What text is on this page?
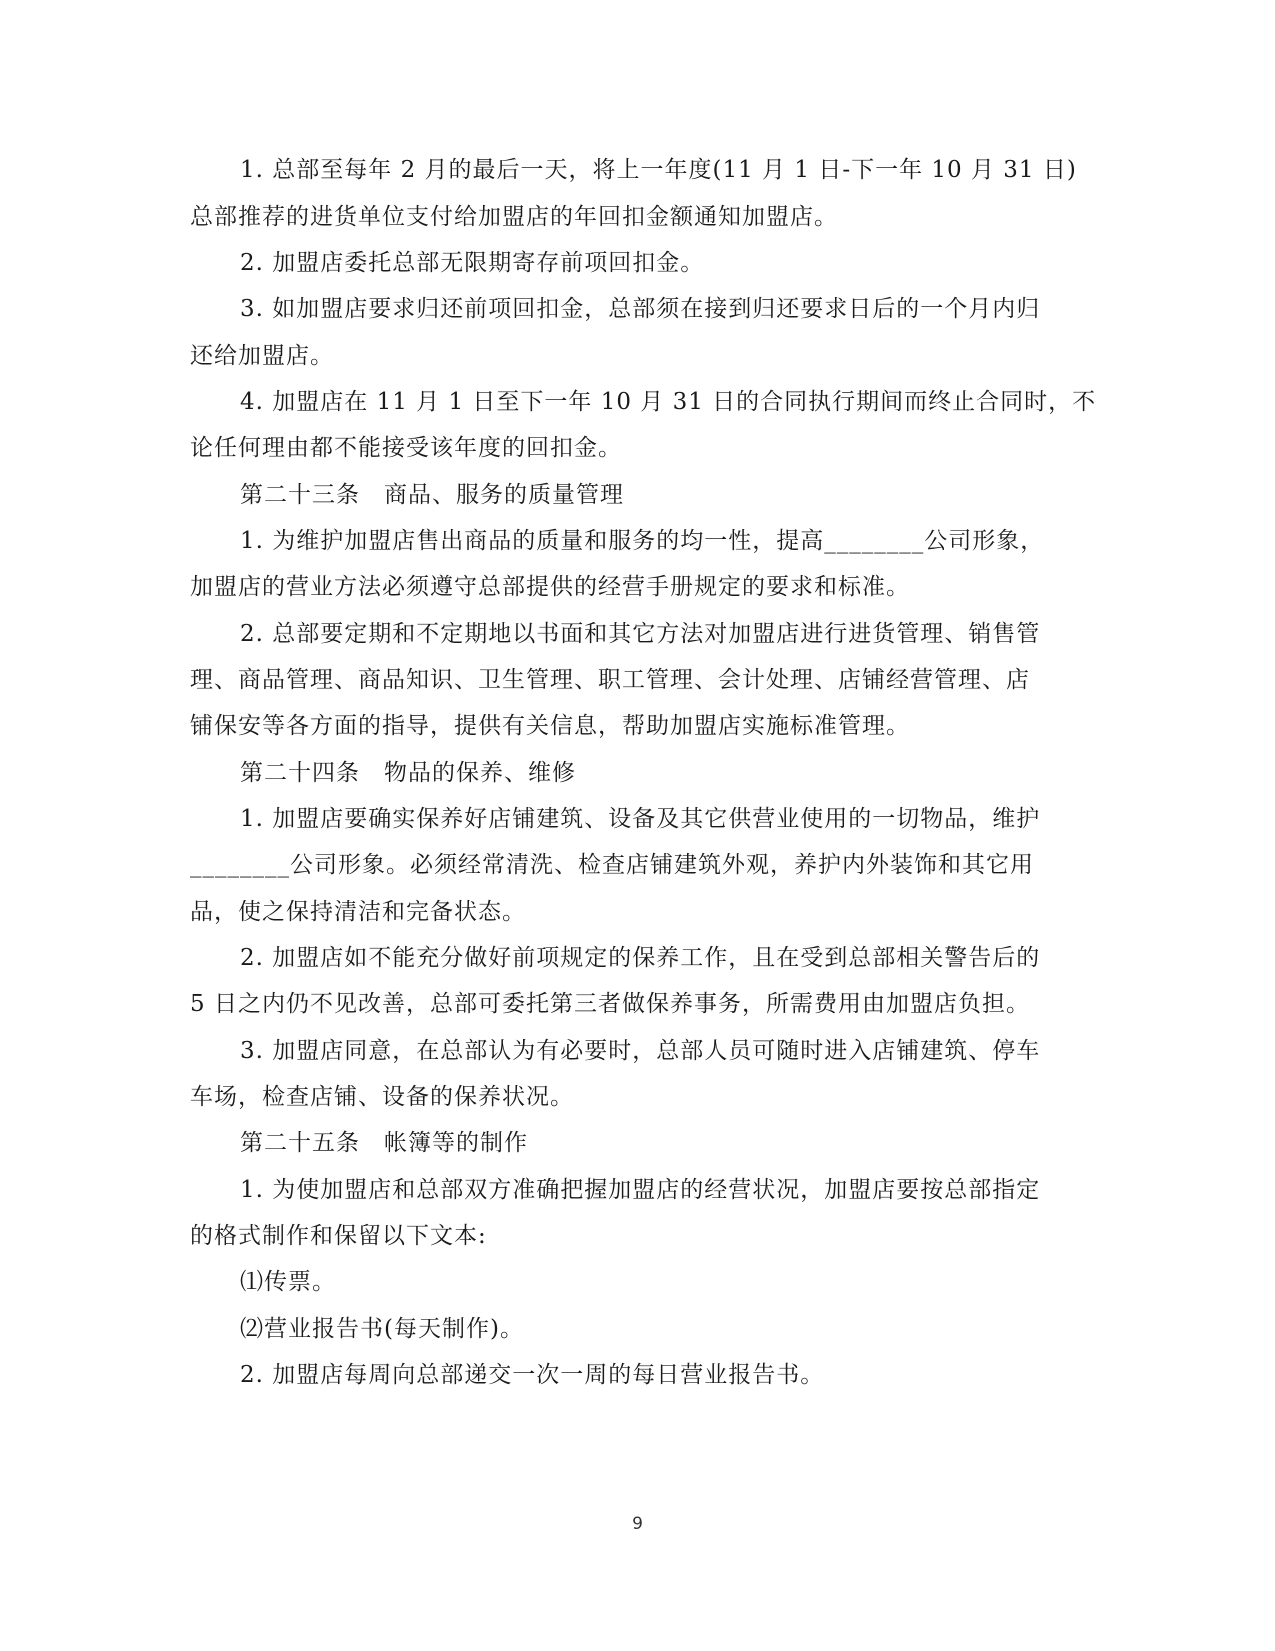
1. 总部至每年 2 月的最后一天，将上一年度(11 月 1 日-下一年 10 月 31 日)
总部推荐的进货单位支付给加盟店的年回扣金额通知加盟店。
2. 加盟店委托总部无限期寄存前项回扣金。
3. 如加盟店要求归还前项回扣金，总部须在接到归还要求日后的一个月内归
还给加盟店。
4. 加盟店在 11 月 1 日至下一年 10 月 31 日的合同执行期间而终止合同时，不
论任何理由都不能接受该年度的回扣金。
第二十三条　商品、服务的质量管理
1. 为维护加盟店售出商品的质量和服务的均一性，提高________公司形象，
加盟店的营业方法必须遵守总部提供的经营手册规定的要求和标准。
2. 总部要定期和不定期地以书面和其它方法对加盟店进行进货管理、销售管
理、商品管理、商品知识、卫生管理、职工管理、会计处理、店铺经营管理、店
铺保安等各方面的指导，提供有关信息，帮助加盟店实施标准管理。
第二十四条　物品的保养、维修
1. 加盟店要确实保养好店铺建筑、设备及其它供营业使用的一切物品，维护
________公司形象。必须经常清洗、检查店铺建筑外观，养护内外装饰和其它用
品，使之保持清洁和完备状态。
2. 加盟店如不能充分做好前项规定的保养工作，且在受到总部相关警告后的
5 日之内仍不见改善，总部可委托第三者做保养事务，所需费用由加盟店负担。
3. 加盟店同意，在总部认为有必要时，总部人员可随时进入店铺建筑、停车
车场，检查店铺、设备的保养状况。
第二十五条　帐簿等的制作
1. 为使加盟店和总部双方准确把握加盟店的经营状况，加盟店要按总部指定
的格式制作和保留以下文本:
⑴传票。
⑵营业报告书(每天制作)。
2. 加盟店每周向总部递交一次一周的每日营业报告书。
9
